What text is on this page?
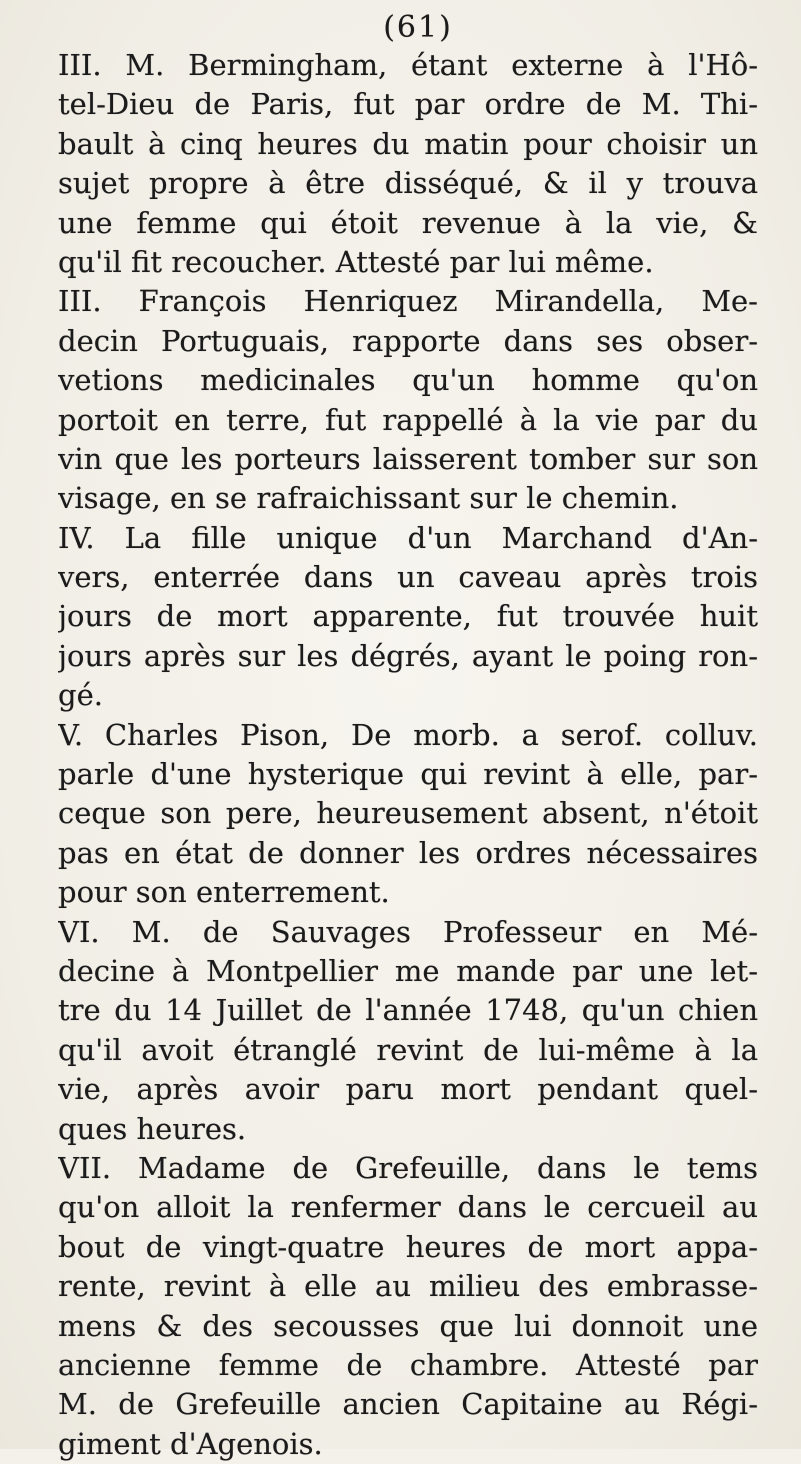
(61)
III. M. Bermingham, étant externe à l'Hô-
tel-Dieu de Paris, fut par ordre de M. Thi-
bault à cinq heures du matin pour choisir un
sujet propre à être disséqué, & il y trouva
une femme qui étoit revenue à la vie, &
qu'il fit recoucher. Attesté par lui même.
III. François Henriquez Mirandella, Me-
decin Portuguais, rapporte dans ses obser-
vetions medicinales qu'un homme qu'on
portoit en terre, fut rappellé à la vie par du
vin que les porteurs laisserent tomber sur son
visage, en se rafraichissant sur le chemin.
IV. La fille unique d'un Marchand d'An-
vers, enterrée dans un caveau après trois
jours de mort apparente, fut trouvée huit
jours après sur les dégrés, ayant le poing ron-
gé.
V. Charles Pison, De morb. a serof. colluv.
parle d'une hysterique qui revint à elle, par-
ceque son pere, heureusement absent, n'étoit
pas en état de donner les ordres nécessaires
pour son enterrement.
VI. M. de Sauvages Professeur en Mé-
decine à Montpellier me mande par une let-
tre du 14 Juillet de l'année 1748, qu'un chien
qu'il avoit étranglé revint de lui-même à la
vie, après avoir paru mort pendant quel-
ques heures.
VII. Madame de Grefeuille, dans le tems
qu'on alloit la renfermer dans le cercueil au
bout de vingt-quatre heures de mort appa-
rente, revint à elle au milieu des embrasse-
mens & des secousses que lui donnoit une
ancienne femme de chambre. Attesté par
M. de Grefeuille ancien Capitaine au Régi-
giment d'Agenois.
